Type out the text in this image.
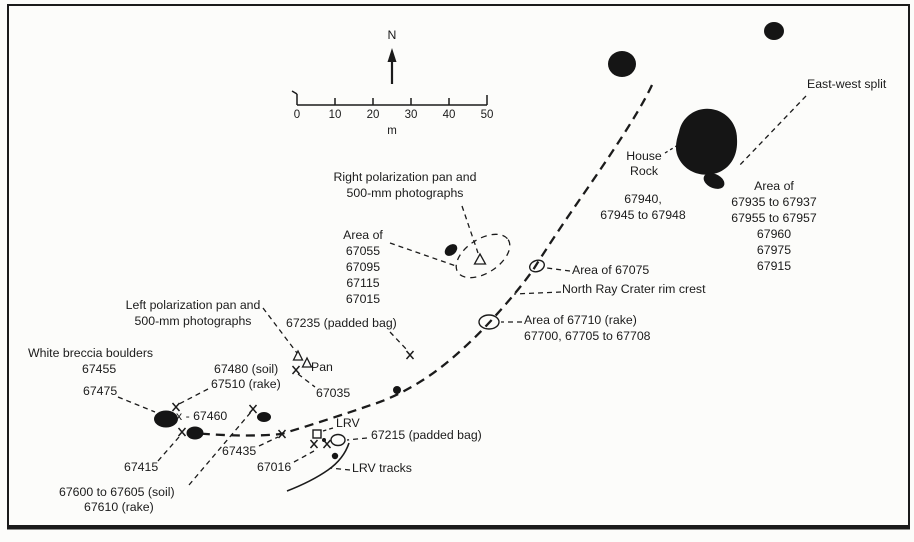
N
0	10	20	30	40	50
m
East-west split
House
Rock
67940,
67945 to 67948
Area of
67935 to 67937
67955 to 67957
67960
67975
67915
Right polarization pan and
500-mm photographs
Area of
67055
67095
67115
67015
Area of 67075
North Ray Crater rim crest
Area of 67710 (rake)
67700, 67705 to 67708
Left polarization pan and
500-mm photographs	67235 (padded bag)
Pan
67035
White breccia boulders
67455
67475
67480 (soil)
67510 (rake)
x - 67460
67415
67435
67600 to 67605 (soil)
67610 (rake)
67016
LRV
67215 (padded bag)
LRV tracks
